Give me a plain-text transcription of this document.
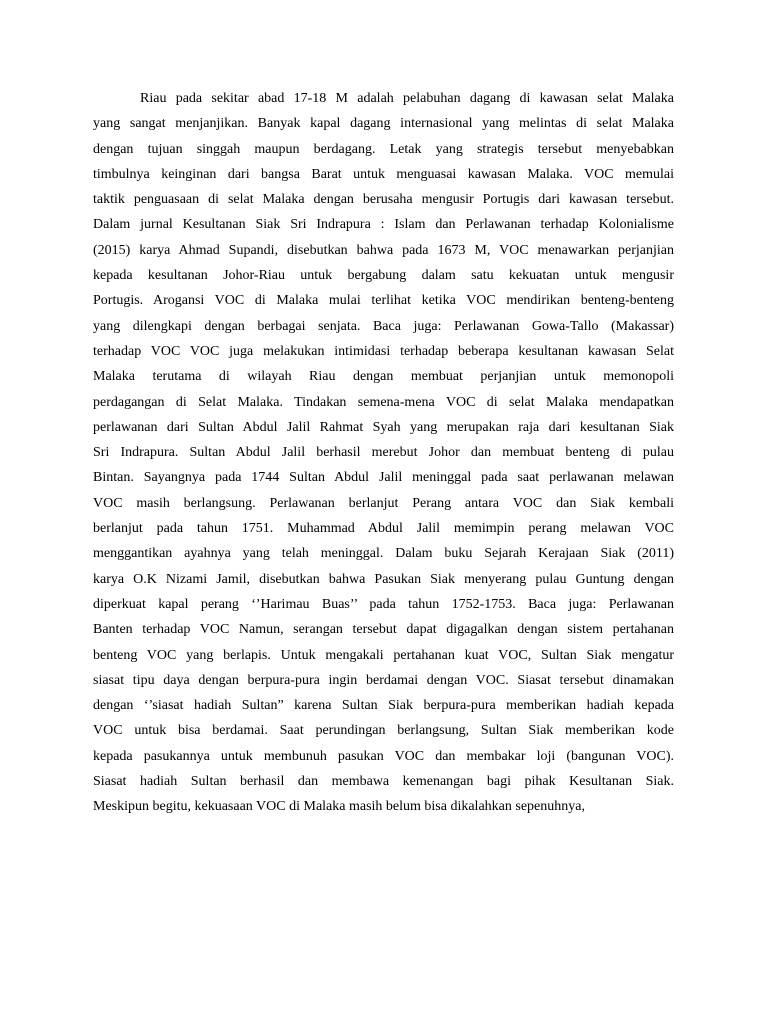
Riau pada sekitar abad 17-18 M adalah pelabuhan dagang di kawasan selat Malaka
yang sangat menjanjikan. Banyak kapal dagang internasional yang melintas di selat Malaka
dengan tujuan singgah maupun berdagang. Letak yang strategis tersebut menyebabkan
timbulnya keinginan dari bangsa Barat untuk menguasai kawasan Malaka. VOC memulai
taktik penguasaan di selat Malaka dengan berusaha mengusir Portugis dari kawasan tersebut.
Dalam jurnal Kesultanan Siak Sri Indrapura : Islam dan Perlawanan terhadap Kolonialisme
(2015) karya Ahmad Supandi, disebutkan bahwa pada 1673 M, VOC menawarkan perjanjian
kepada kesultanan Johor-Riau untuk bergabung dalam satu kekuatan untuk mengusir
Portugis. Arogansi VOC di Malaka mulai terlihat ketika VOC mendirikan benteng-benteng
yang dilengkapi dengan berbagai senjata. Baca juga: Perlawanan Gowa-Tallo (Makassar)
terhadap VOC VOC juga melakukan intimidasi terhadap beberapa kesultanan kawasan Selat
Malaka terutama di wilayah Riau dengan membuat perjanjian untuk memonopoli
perdagangan di Selat Malaka. Tindakan semena-mena VOC di selat Malaka mendapatkan
perlawanan dari Sultan Abdul Jalil Rahmat Syah yang merupakan raja dari kesultanan Siak
Sri Indrapura. Sultan Abdul Jalil berhasil merebut Johor dan membuat benteng di pulau
Bintan. Sayangnya pada 1744 Sultan Abdul Jalil meninggal pada saat perlawanan melawan
VOC masih berlangsung. Perlawanan berlanjut Perang antara VOC dan Siak kembali
berlanjut pada tahun 1751. Muhammad Abdul Jalil memimpin perang melawan VOC
menggantikan ayahnya yang telah meninggal. Dalam buku Sejarah Kerajaan Siak (2011)
karya O.K Nizami Jamil, disebutkan bahwa Pasukan Siak menyerang pulau Guntung dengan
diperkuat kapal perang ‘’Harimau Buas’’ pada tahun 1752-1753. Baca juga: Perlawanan
Banten terhadap VOC Namun, serangan tersebut dapat digagalkan dengan sistem pertahanan
benteng VOC yang berlapis. Untuk mengakali pertahanan kuat VOC, Sultan Siak mengatur
siasat tipu daya dengan berpura-pura ingin berdamai dengan VOC. Siasat tersebut dinamakan
dengan ‘’siasat hadiah Sultan” karena Sultan Siak berpura-pura memberikan hadiah kepada
VOC untuk bisa berdamai. Saat perundingan berlangsung, Sultan Siak memberikan kode
kepada pasukannya untuk membunuh pasukan VOC dan membakar loji (bangunan VOC).
Siasat hadiah Sultan berhasil dan membawa kemenangan bagi pihak Kesultanan Siak.
Meskipun begitu, kekuasaan VOC di Malaka masih belum bisa dikalahkan sepenuhnya,
